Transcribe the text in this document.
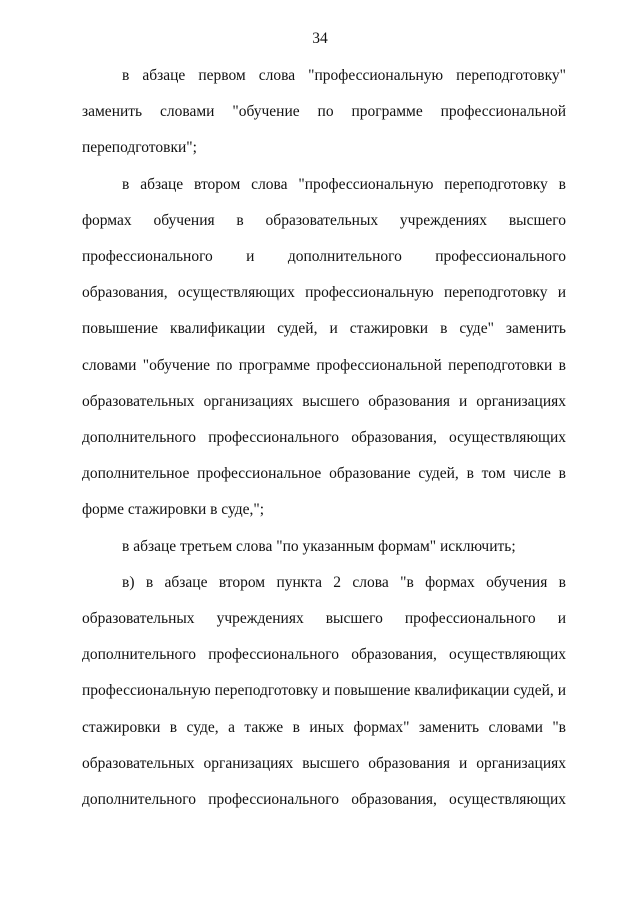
34

в абзаце первом слова "профессиональную переподготовку" заменить словами "обучение по программе профессиональной переподготовки";

в абзаце втором слова "профессиональную переподготовку в формах обучения в образовательных учреждениях высшего профессионального и дополнительного профессионального образования, осуществляющих профессиональную переподготовку и повышение квалификации судей, и стажировки в суде" заменить словами "обучение по программе профессиональной переподготовки в образовательных организациях высшего образования и организациях дополнительного профессионального образования, осуществляющих дополнительное профессиональное образование судей, в том числе в форме стажировки в суде,";

в абзаце третьем слова "по указанным формам" исключить;

в) в абзаце втором пункта 2 слова "в формах обучения в образовательных учреждениях высшего профессионального и дополнительного профессионального образования, осуществляющих профессиональную переподготовку и повышение квалификации судей, и стажировки в суде, а также в иных формах" заменить словами "в образовательных организациях высшего образования и организациях дополнительного профессионального образования, осуществляющих
